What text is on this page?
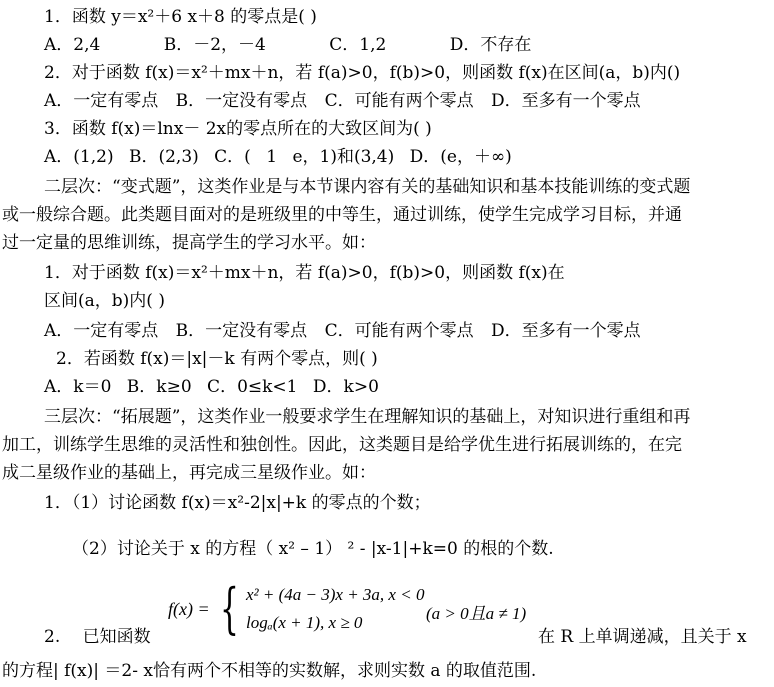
1．函数 y＝x²＋6 x＋8 的零点是( )
A．2,4 B．－2，－4 C．1,2 D．不存在
2．对于函数 f(x)＝x²＋mx＋n，若 f(a)>0，f(b)>0，则函数 f(x)在区间(a，b)内()
A．一定有零点 B．一定没有零点 C．可能有两个零点 D．至多有一个零点
3．函数 f(x)＝lnx－ 2x的零点所在的大致区间为( )
A．(1,2) B．(2,3) C．( 1 e，1)和(3,4) D．(e，＋∞)
二层次：“变式题”，这类作业是与本节课内容有关的基础知识和基本技能训练的变式题
或一般综合题。此类题目面对的是班级里的中等生，通过训练，使学生完成学习目标，并通
过一定量的思维训练，提高学生的学习水平。如：
1．对于函数 f(x)＝x²＋mx＋n，若 f(a)>0，f(b)>0，则函数 f(x)在
区间(a，b)内( )
A．一定有零点 B．一定没有零点 C．可能有两个零点 D．至多有一个零点
2．若函数 f(x)＝|x|－k 有两个零点，则( )
A．k＝0 B．k≥0 C．0≤k<1 D．k>0
三层次：“拓展题”，这类作业一般要求学生在理解知识的基础上，对知识进行重组和再
加工，训练学生思维的灵活性和独创性。因此，这类题目是给学优生进行拓展训练的，在完
成二星级作业的基础上，再完成三星级作业。如：
1．（1）讨论函数 f(x)＝x²-2|x|+k 的零点的个数；
（2）讨论关于 x 的方程（ x² – 1） ² - |x-1|+k=0 的根的个数.
2.　 已知函数
f(x) = { x² + (4a − 3)x + 3a, x < 0
logₐ(x + 1), x ≥ 0	(a > 0且a ≠ 1)
在 R 上单调递减，且关于 x
的方程| f(x)| ＝2- x恰有两个不相等的实数解，求则实数 a 的取值范围.
